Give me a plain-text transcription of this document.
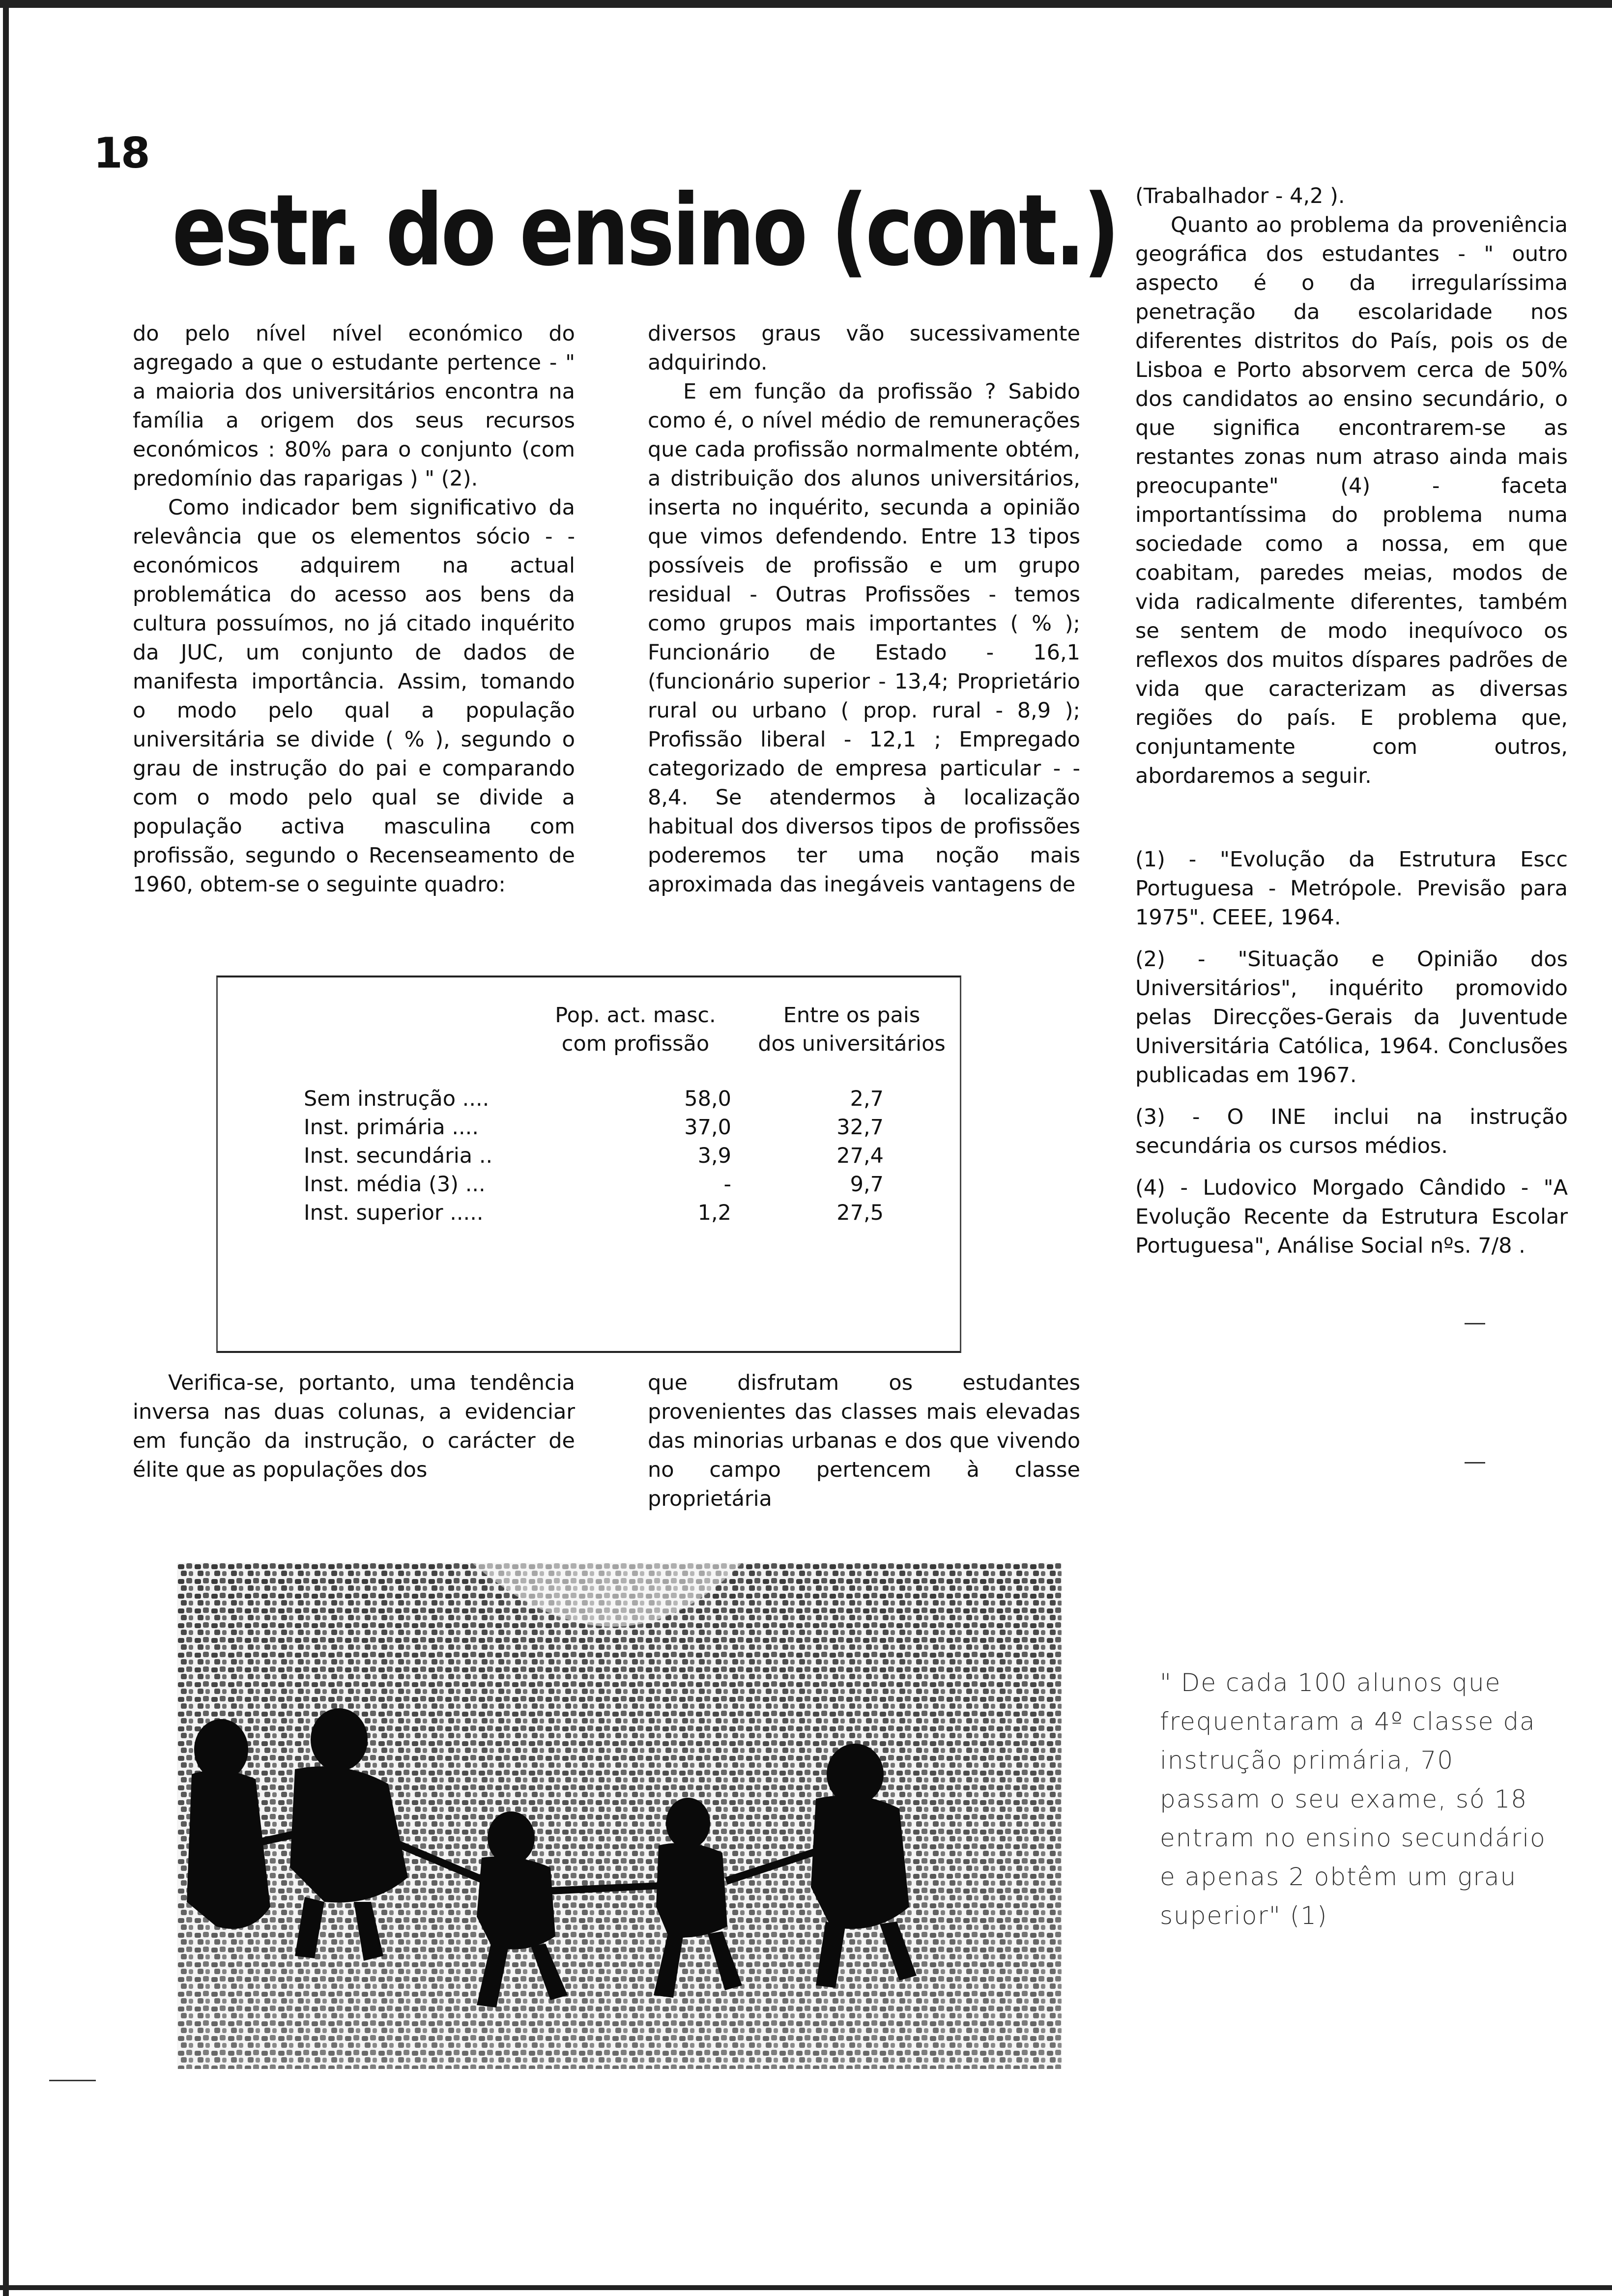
18
estr. do ensino (cont.)

do pelo nível nível económico do agregado a que o estudante pertence - " a maioria dos universitários encontra na família a origem dos seus recursos económicos : 80% para o conjunto (com predomínio das raparigas ) " (2).

Como indicador bem significativo da relevância que os elementos sócio - -económicos adquirem na actual problemática do acesso aos bens da cultura possuímos, no já citado inquérito da JUC, um conjunto de dados de manifesta importância. Assim, tomando o modo pelo qual a população universitária se divide ( % ), segundo o grau de instrução do pai e comparando com o modo pelo qual se divide a população activa masculina com profissão, segundo o Recenseamento de 1960, obtem-se o seguinte quadro:

diversos graus vão sucessivamente adquirindo.

E em função da profissão ? Sabido como é, o nível médio de remunerações que cada profissão normalmente obtém, a distribuição dos alunos universitários, inserta no inquérito, secunda a opinião que vimos defendendo. Entre 13 tipos possíveis de profissão e um grupo residual - Outras Profissões - temos como grupos mais importantes ( % ); Funcionário de Estado - 16,1 (funcionário superior - 13,4; Proprietário rural ou urbano ( prop. rural - 8,9 ); Profissão liberal - 12,1 ; Empregado categorizado de empresa particular - - 8,4. Se atendermos à localização habitual dos diversos tipos de profissões poderemos ter uma noção mais aproximada das inegáveis vantagens de

(Trabalhador - 4,2 ).

Quanto ao problema da proveniência geográfica dos estudantes - " outro aspecto é o da irregularíssima penetração da escolaridade nos diferentes distritos do País, pois os de Lisboa e Porto absorvem cerca de 50% dos candidatos ao ensino secundário, o que significa encontrarem-se as restantes zonas num atraso ainda mais preocupante" (4) - faceta importantíssima do problema numa sociedade como a nossa, em que coabitam, paredes meias, modos de vida radicalmente diferentes, também se sentem de modo inequívoco os reflexos dos muitos díspares padrões de vida que caracterizam as diversas regiões do país. E problema que, conjuntamente com outros, abordaremos a seguir.

(1) - "Evolução da Estrutura Escc Portuguesa - Metrópole. Previsão para 1975". CEEE, 1964.

(2) - "Situação e Opinião dos Universitários", inquérito promovido pelas Direcções-Gerais da Juventude Universitária Católica, 1964. Conclusões publicadas em 1967.

(3) - O INE inclui na instrução secundária os cursos médios.

(4) - Ludovico Morgado Cândido - "A Evolução Recente da Estrutura Escolar Portuguesa", Análise Social nºs. 7/8 .

Pop. act. masc.
com profissão
Entre os pais
dos universitários
Sem instrução ....	58,0	2,7
Inst. primária ....	37,0	32,7
Inst. secundária ..	3,9	27,4
Inst. média (3) ...	-	9,7
Inst. superior .....	1,2	27,5

Verifica-se, portanto, uma tendência inversa nas duas colunas, a evidenciar em função da instrução, o carácter de élite que as populações dos

que disfrutam os estudantes provenientes das classes mais elevadas das minorias urbanas e dos que vivendo no campo pertencem à classe proprietária

" De cada 100 alunos que frequentaram a 4º classe da instrução primária, 70 passam o seu exame, só 18 entram no ensino secundário e apenas 2 obtêm um grau superior" (1)
